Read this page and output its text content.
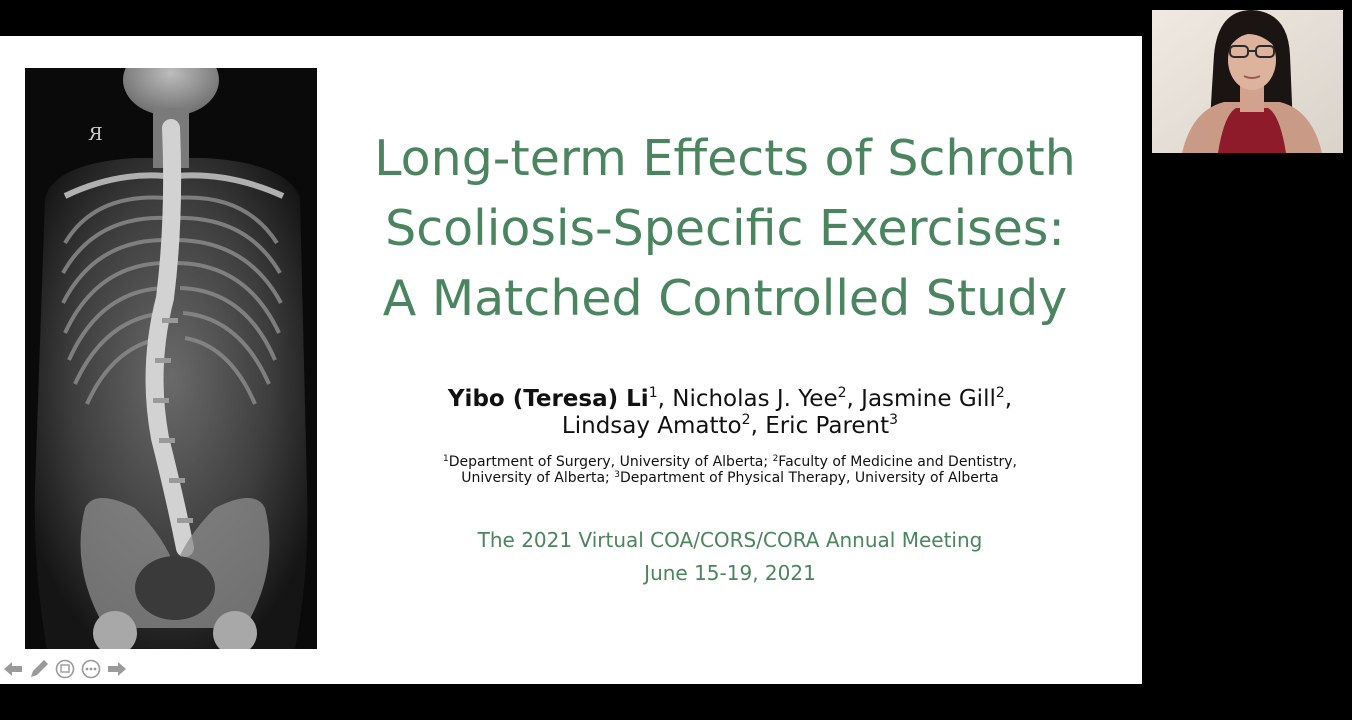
R	Long-term Effects of Schroth
Scoliosis-Specific Exercises:
A Matched Controlled Study
Yibo (Teresa) Li$^1$, Nicholas J. Yee$^2$, Jasmine Gill$^2$,
Lindsay Amatto$^2$, Eric Parent$^3$
$^1$Department of Surgery, University of Alberta; $^2$Faculty of Medicine and Dentistry,
University of Alberta; $^3$Department of Physical Therapy, University of Alberta
The 2021 Virtual COA/CORS/CORA Annual Meeting
June 15-19, 2021
